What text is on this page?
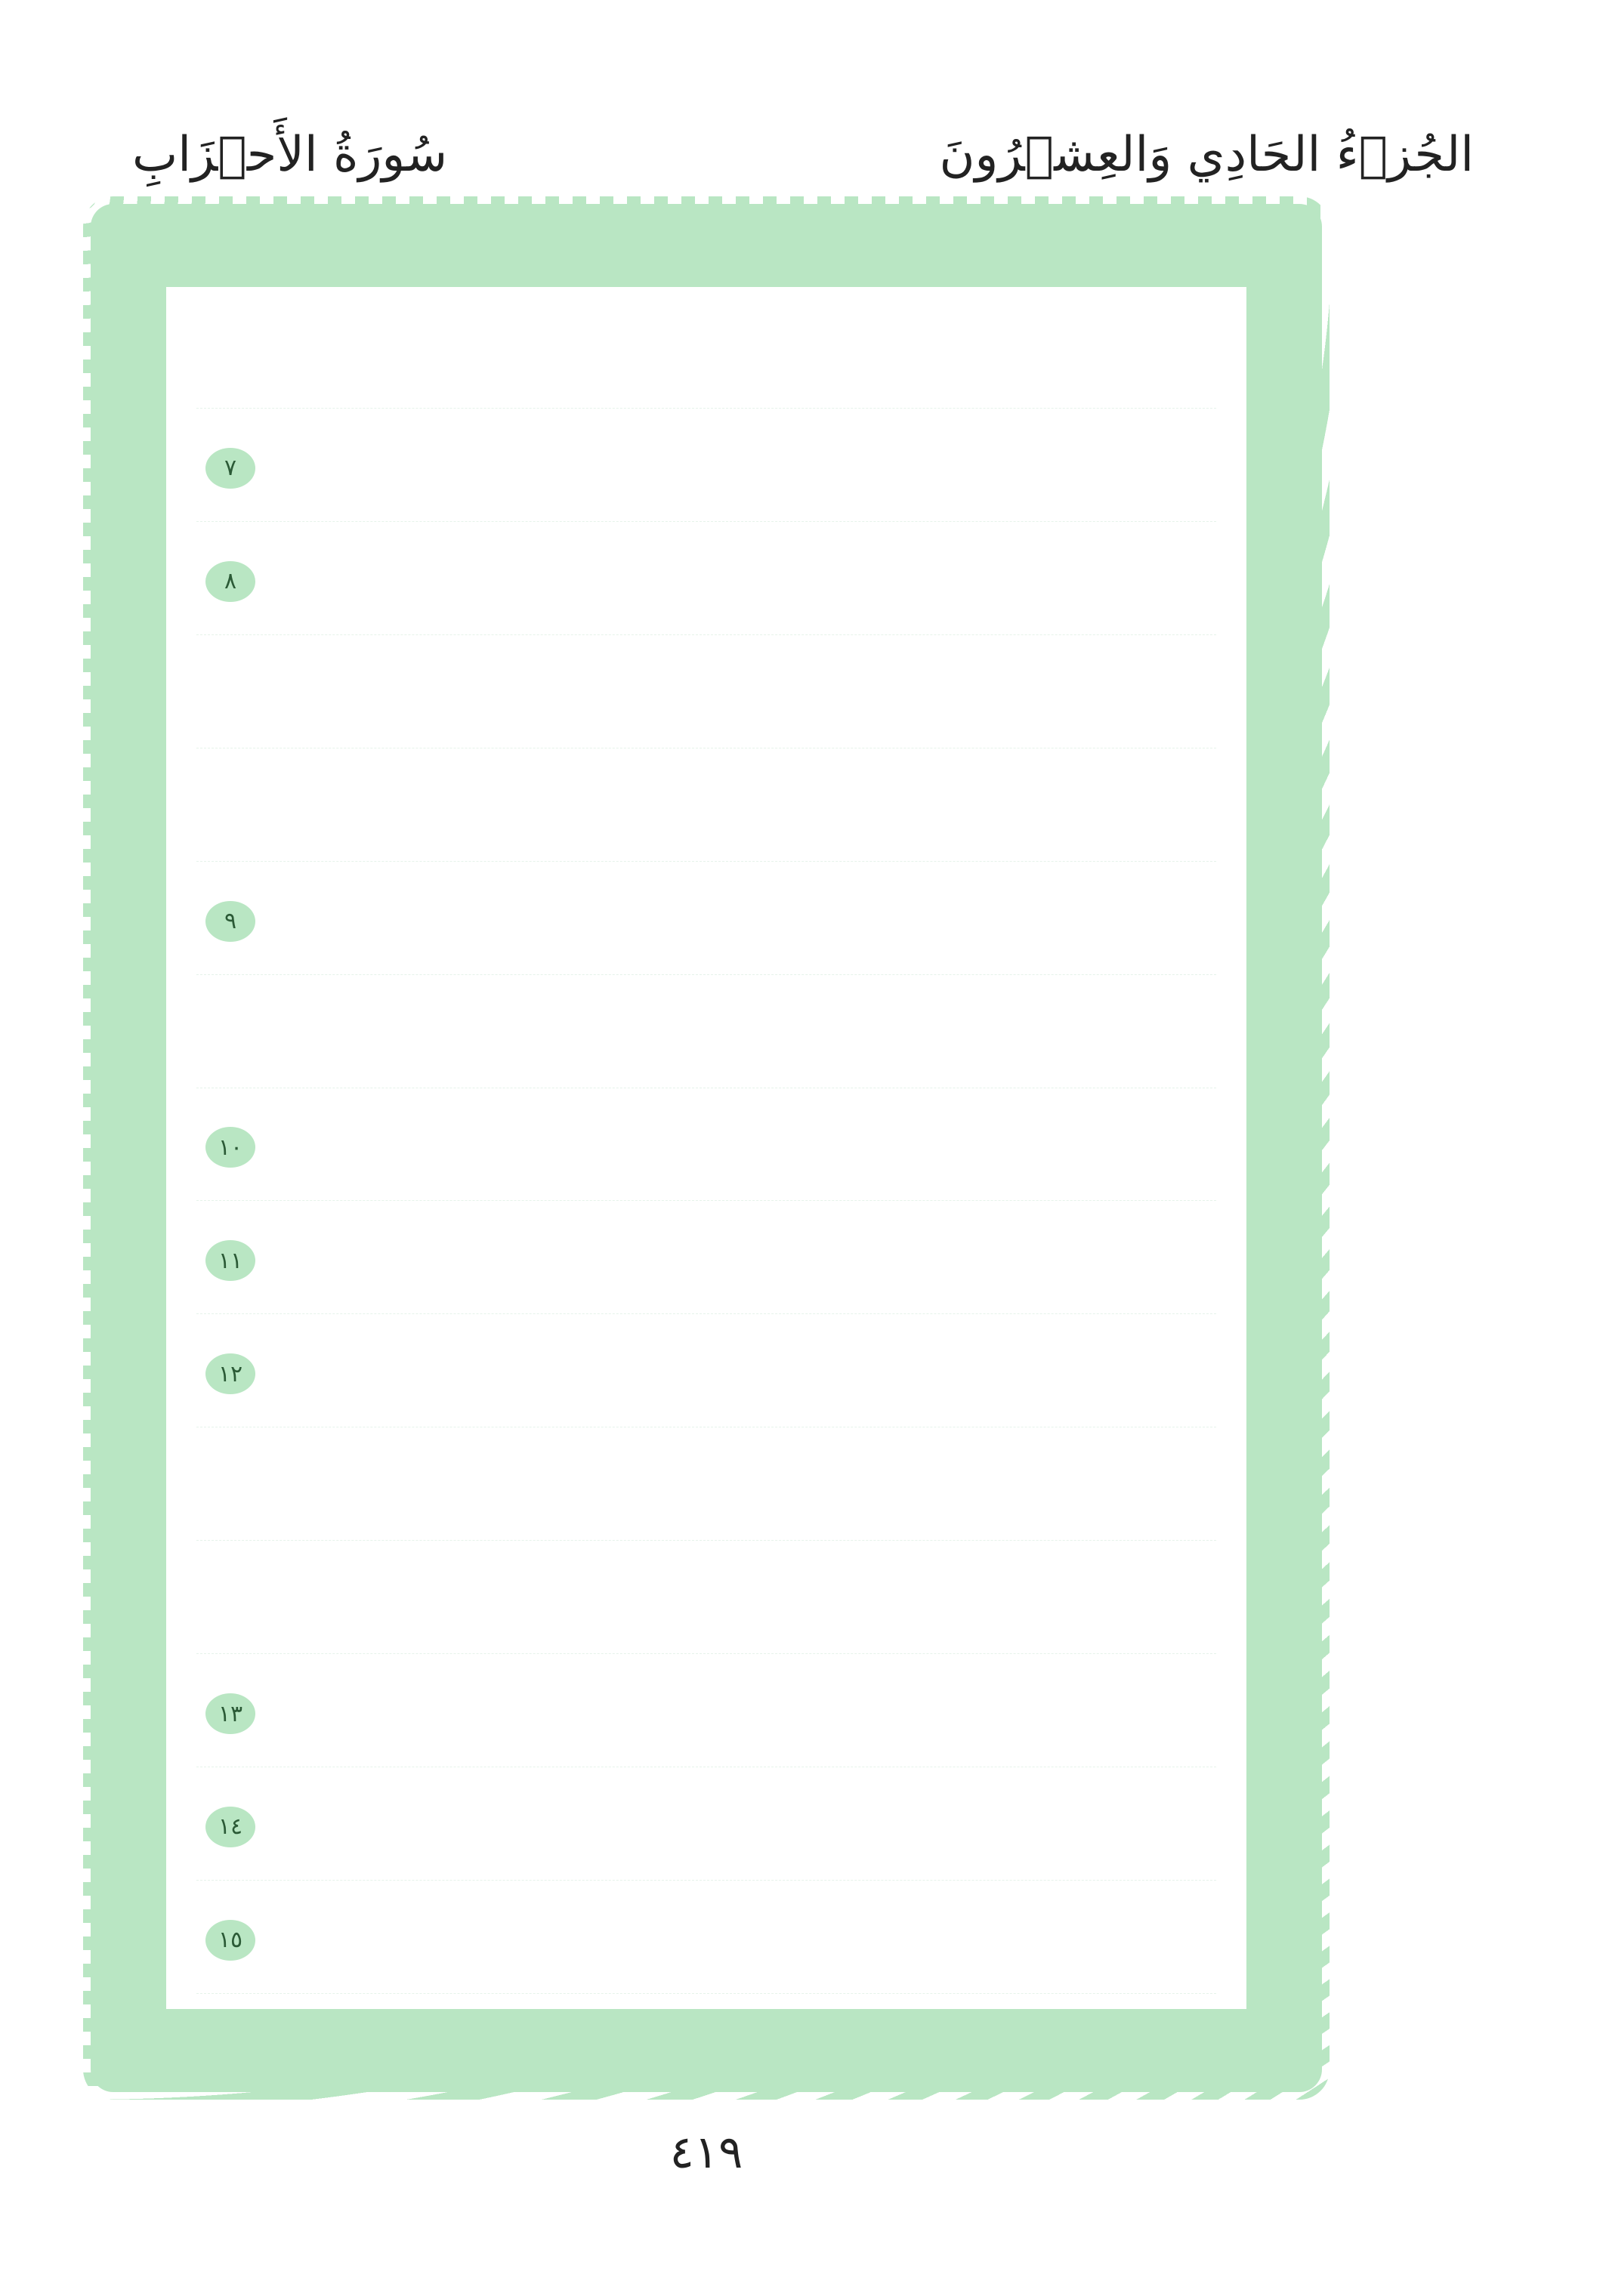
سُورَةُ الأَحۡزَابِ	الجُزۡءُ الحَادِي وَالعِشۡرُونَ
٧
٨
٩
١٠
١١
١٢
١٣
١٤
١٥
٤١٩
